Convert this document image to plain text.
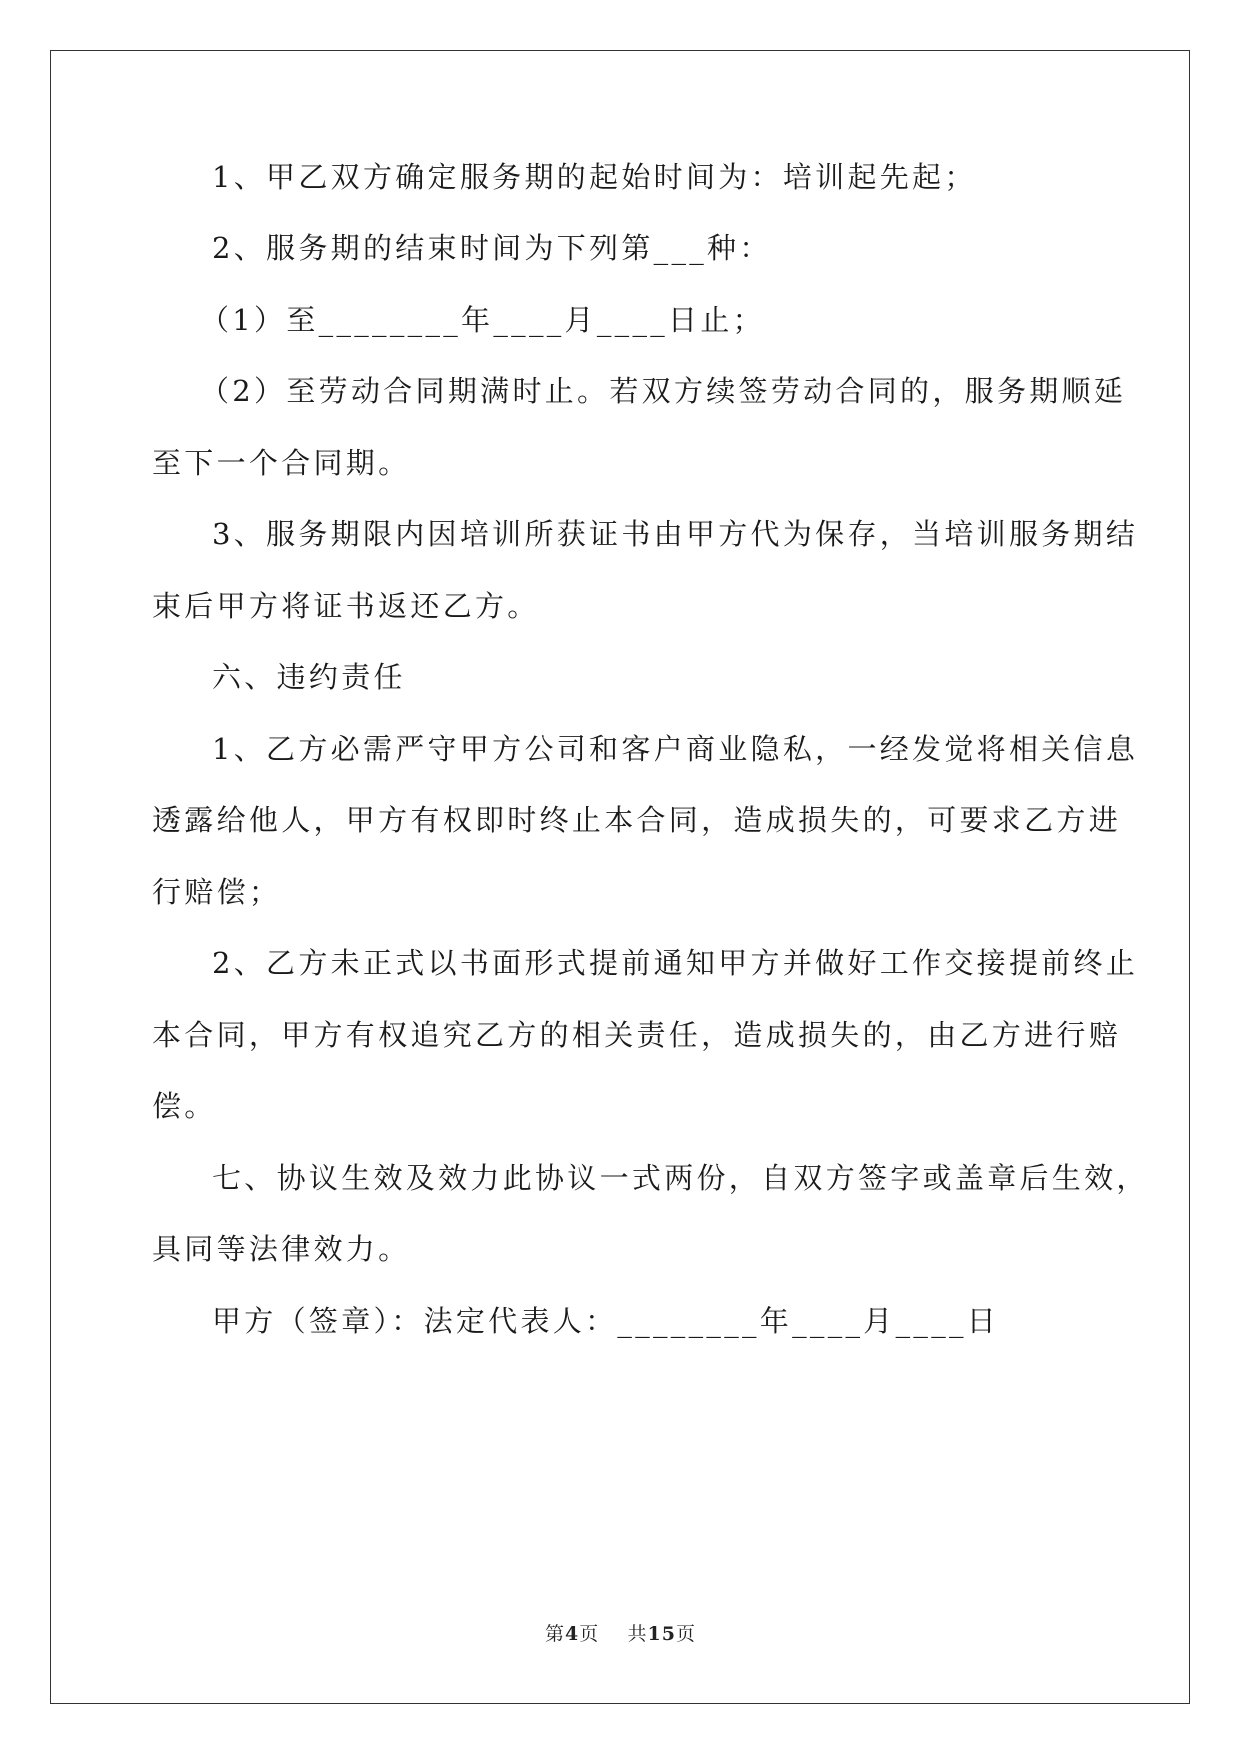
1、甲乙双方确定服务期的起始时间为：培训起先起；
2、服务期的结束时间为下列第___种：
（1）至________年____月____日止；
（2）至劳动合同期满时止。若双方续签劳动合同的，服务期顺延
至下一个合同期。
3、服务期限内因培训所获证书由甲方代为保存，当培训服务期结
束后甲方将证书返还乙方。
六、违约责任
1、乙方必需严守甲方公司和客户商业隐私，一经发觉将相关信息
透露给他人，甲方有权即时终止本合同，造成损失的，可要求乙方进
行赔偿；
2、乙方未正式以书面形式提前通知甲方并做好工作交接提前终止
本合同，甲方有权追究乙方的相关责任，造成损失的，由乙方进行赔
偿。
七、协议生效及效力此协议一式两份，自双方签字或盖章后生效，
具同等法律效力。
甲方（签章）：法定代表人：________年____月____日
第4页 共15页
